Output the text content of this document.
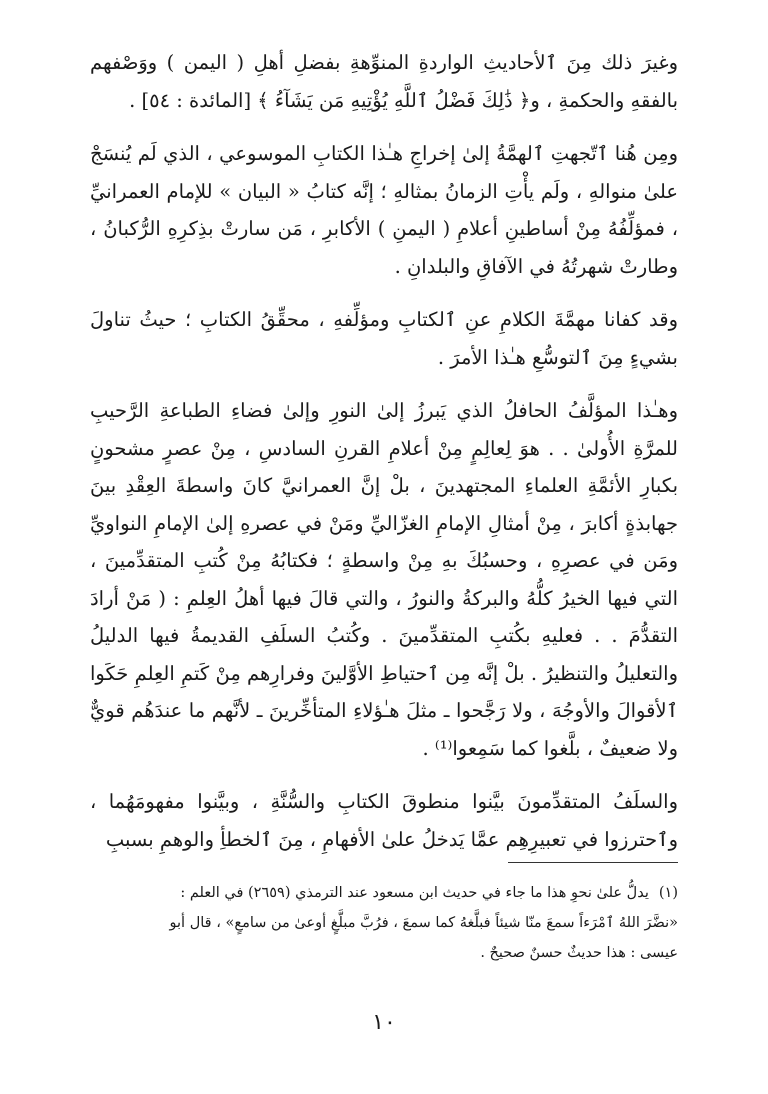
وغيرَ ذلك مِنَ ٱلأحاديثِ الواردةِ المنوِّهةِ بفضلِ أهلِ ( اليمن ) ووَصْفهم بالفقهِ والحكمةِ ، و﴿ ذَٰلِكَ فَضْلُ ٱللَّهِ يُؤْتِيهِ مَن يَشَآءُ ﴾ [المائدة : ٥٤] .

ومِن هُنا ٱتّجهتِ ٱلهمَّةُ إلىٰ إخراجِ هـٰذا الكتابِ الموسوعي ، الذي لَم يُنسَجْ علىٰ منوالهِ ، ولَم يأْتِ الزمانُ بمثالهِ ؛ إنَّه كتابُ « البيان » للإمام العمرانيِّ ، فمؤلِّفُهُ مِنْ أساطينِ أعلامِ ( اليمنِ ) الأكابرِ ، مَن سارتْ بذِكرِهِ الرُّكبانُ ، وطارتْ شهرتُهُ في الآفاقِ والبلدانِ .

وقد كفانا مهمَّةَ الكلامِ عنِ ٱلكتابِ ومؤلِّفهِ ، محقِّقُ الكتابِ ؛ حيثُ تناولَ بشيءٍ مِنَ ٱلتوسُّعِ هـٰذا الأمرَ .

وهـٰذا المؤلَّفُ الحافلُ الذي يَبرزُ إلىٰ النورِ وإلىٰ فضاءِ الطباعةِ الرَّحيبِ للمرَّةِ الأُولىٰ . . هوَ لِعالِمٍ مِنْ أعلامِ القرنِ السادسِ ، مِنْ عصرٍ مشحونٍ بكبارِ الأئمَّةِ العلماءِ المجتهدينَ ، بلْ إنَّ العمرانيَّ كانَ واسطةَ العِقْدِ بينَ جهابذةٍ أكابرَ ، مِنْ أمثالِ الإمامِ الغزّاليِّ ومَنْ في عصرهِ إلىٰ الإمامِ النواويِّ ومَن في عصرِهِ ، وحسبُكَ بهِ مِنْ واسطةٍ ؛ فكتابُهُ مِنْ كُتبِ المتقدِّمينَ ، التي فيها الخيرُ كلُّهُ والبركةُ والنورُ ، والتي قالَ فيها أهلُ العِلمِ : ( مَنْ أرادَ التقدُّمَ . . فعليهِ بكُتبِ المتقدِّمينَ . وكُتبُ السلَفِ القديمةُ فيها الدليلُ والتعليلُ والتنظيرُ . بلْ إنَّه مِن ٱحتياطِ الأوَّلينَ وفرارِهم مِنْ كَتمِ العِلمِ حَكَوا ٱلأقوالَ والأوجُهَ ، ولا رَجَّحوا ـ مثلَ هـٰؤلاءِ المتأخِّرينَ ـ لأنَّهم ما عندَهُم قويٌّ ولا ضعيفٌ ، بلَّغوا كما سَمِعوا⁽¹⁾ .

والسلَفُ المتقدِّمونَ بيَّنوا منطوقَ الكتابِ والسُّنَّةِ ، وبيَّنوا مفهومَهُما ، وٱحترزوا في تعبيرِهِم عمَّا يَدخلُ علىٰ الأفهامِ ، مِنَ ٱلخطأِ والوهمِ بسببِ

(١)يدلُّ علىٰ نحوِ هذا ما جاء في حديث ابن مسعود عند الترمذي (٢٦٥٩) في العلم :
«نضَّرَ اللهُ ٱمْرَءاً سمعَ منّا شيئاً فبلَّغهُ كما سمعَ ، فرُبَّ مبلَّغٍ أوعىٰ من سامعٍ» ، قال أبو
عيسى : هذا حديثٌ حسنٌ صحيحٌ .
١٠
